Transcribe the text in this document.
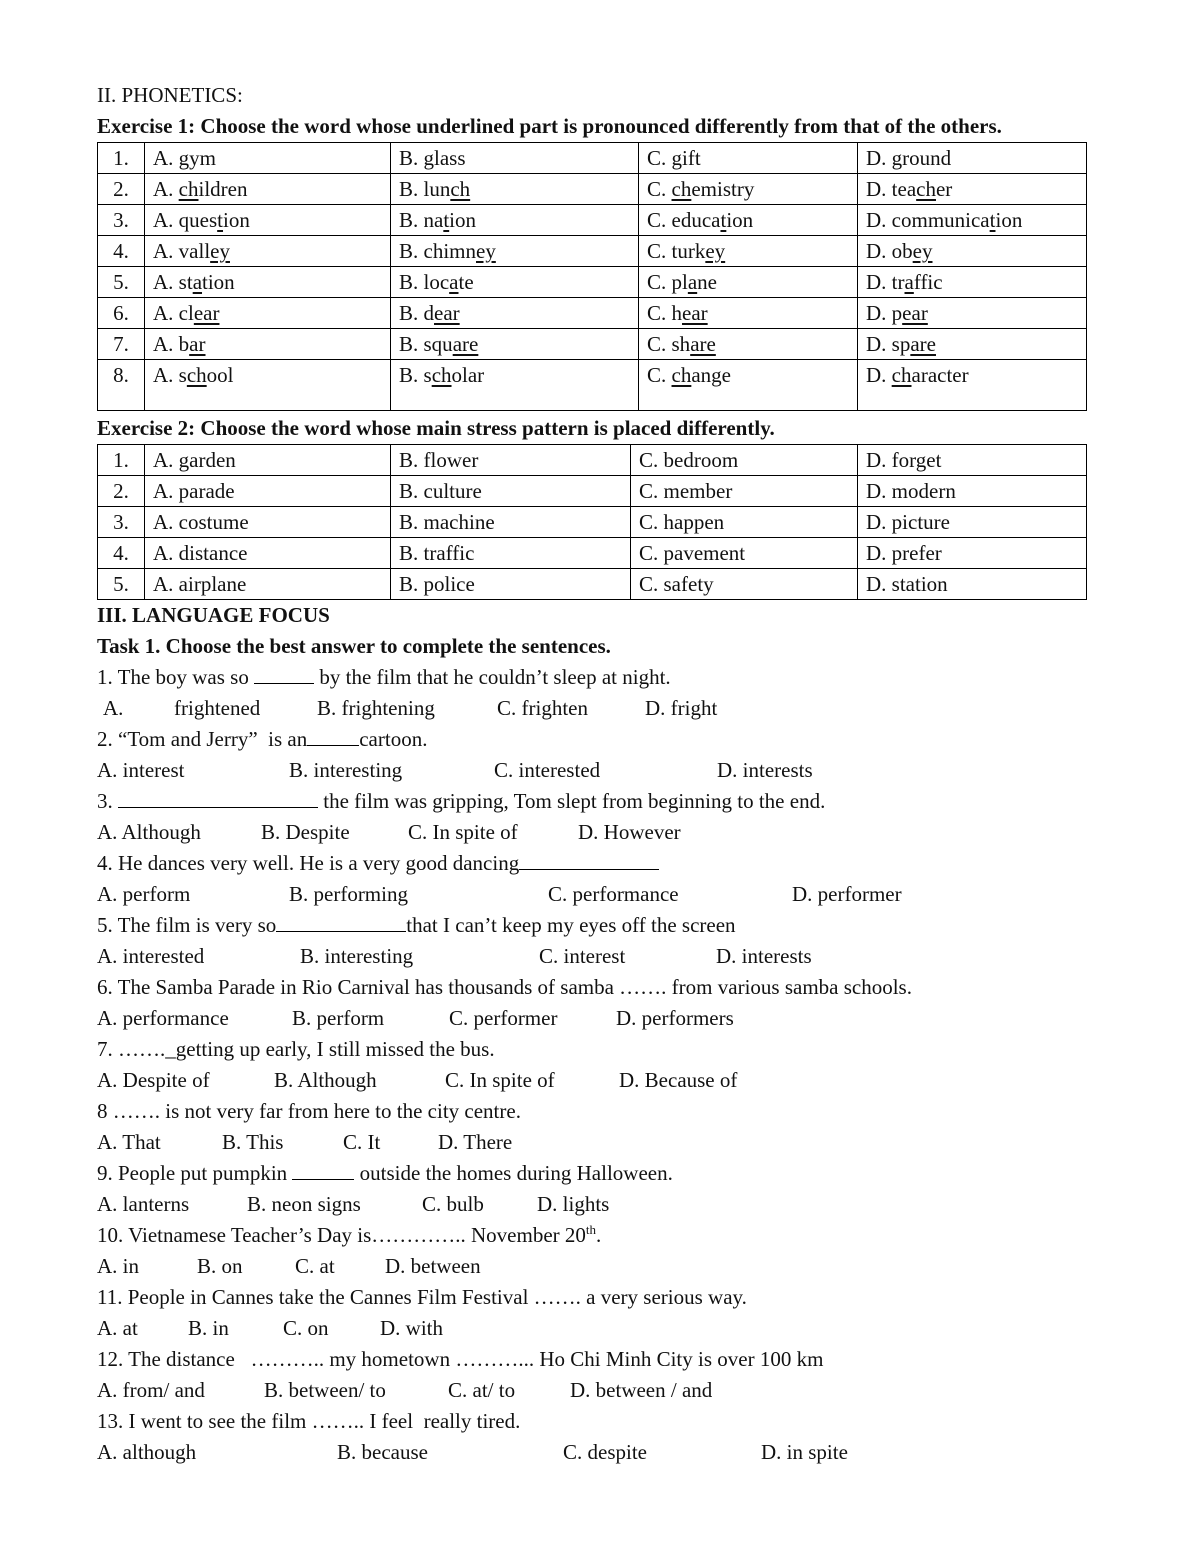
II. PHONETICS:
Exercise 1: Choose the word whose underlined part is pronounced differently from that of the others.
1.	A. gym	B. glass	C. gift	D. ground
2.	A. children	B. lunch	C. chemistry	D. teacher
3.	A. question	B. nation	C. education	D. communication
4.	A. valley	B. chimney	C. turkey	D. obey
5.	A. station	B. locate	C. plane	D. traffic
6.	A. clear	B. dear	C. hear	D. pear
7.	A. bar	B. square	C. share	D. spare
8.	A. school	B. scholar	C. change	D. character
Exercise 2: Choose the word whose main stress pattern is placed differently.
1.	A. garden	B. flower	C. bedroom	D. forget
2.	A. parade	B. culture	C. member	D. modern
3.	A. costume	B. machine	C. happen	D. picture
4.	A. distance	B. traffic	C. pavement	D. prefer
5.	A. airplane	B. police	C. safety	D. station
III. LANGUAGE FOCUS
Task 1. Choose the best answer to complete the sentences.
1. The boy was so	by the film that he couldn’t sleep at night.
A. frightened	B. frightening	C. frighten	D. fright
2. “Tom and Jerry”  is an cartoon.
A. interest	B. interesting	C. interested	D. interests
3.	the film was gripping, Tom slept from beginning to the end.
A. Although	B. Despite	C. In spite of	D. However
4. He dances very well. He is a very good dancing
A. perform	B. performing	C. performance	D. performer
5. The film is very so	that I can’t keep my eyes off the screen
A. interested	B. interesting	C. interest	D. interests
6. The Samba Parade in Rio Carnival has thousands of samba ……. from various samba schools.
A. performance	B. perform	C. performer	D. performers
7. ……._getting up early, I still missed the bus.
A. Despite of	B. Although	C. In spite of	D. Because of
8 ……. is not very far from here to the city centre.
A. That	B. This	C. It	D. There
9. People put pumpkin	outside the homes during Halloween.
A. lanterns	B. neon signs	C. bulb	D. lights
10. Vietnamese Teacher’s Day is………….. November 20th.
A. in	B. on C. at D. between
11. People in Cannes take the Cannes Film Festival ……. a very serious way.
A. at B. in	C. on D. with
12. The distance   ……….. my hometown ………... Ho Chi Minh City is over 100 km
A. from/ and	B. between/ to	C. at/ to	D. between / and
13. I went to see the film …….. I feel  really tired.
A. although	B. because	C. despite	D. in spite
